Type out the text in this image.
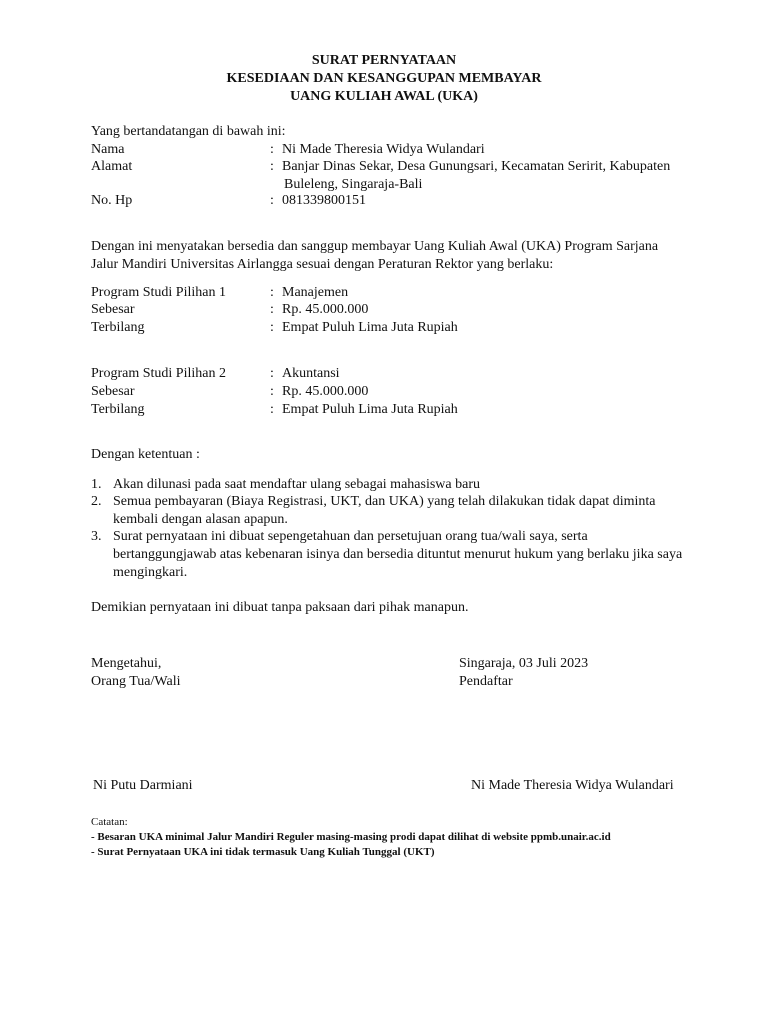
SURAT PERNYATAAN
KESEDIAAN DAN KESANGGUPAN MEMBAYAR
UANG KULIAH AWAL (UKA)
Yang bertandatangan di bawah ini:
Nama	: Ni Made Theresia Widya Wulandari
Alamat	: Banjar Dinas Sekar, Desa Gunungsari, Kecamatan Seririt, Kabupaten
Buleleng, Singaraja-Bali
No. Hp	: 081339800151
Dengan ini menyatakan bersedia dan sanggup membayar Uang Kuliah Awal (UKA) Program Sarjana
Jalur Mandiri Universitas Airlangga sesuai dengan Peraturan Rektor yang berlaku:
Program Studi Pilihan 1	: Manajemen
Sebesar	: Rp. 45.000.000
Terbilang	: Empat Puluh Lima Juta Rupiah
Program Studi Pilihan 2	: Akuntansi
Sebesar	: Rp. 45.000.000
Terbilang	: Empat Puluh Lima Juta Rupiah
Dengan ketentuan :
1. Akan dilunasi pada saat mendaftar ulang sebagai mahasiswa baru
2. Semua pembayaran (Biaya Registrasi, UKT, dan UKA) yang telah dilakukan tidak dapat diminta
kembali dengan alasan apapun.
3. Surat pernyataan ini dibuat sepengetahuan dan persetujuan orang tua/wali saya, serta
bertanggungjawab atas kebenaran isinya dan bersedia dituntut menurut hukum yang berlaku jika saya
mengingkari.
Demikian pernyataan ini dibuat tanpa paksaan dari pihak manapun.
Mengetahui,
Orang Tua/Wali
Singaraja, 03 Juli 2023
Pendaftar
Ni Putu Darmiani	Ni Made Theresia Widya Wulandari
Catatan:
- Besaran UKA minimal Jalur Mandiri Reguler masing-masing prodi dapat dilihat di website ppmb.unair.ac.id
- Surat Pernyataan UKA ini tidak termasuk Uang Kuliah Tunggal (UKT)
